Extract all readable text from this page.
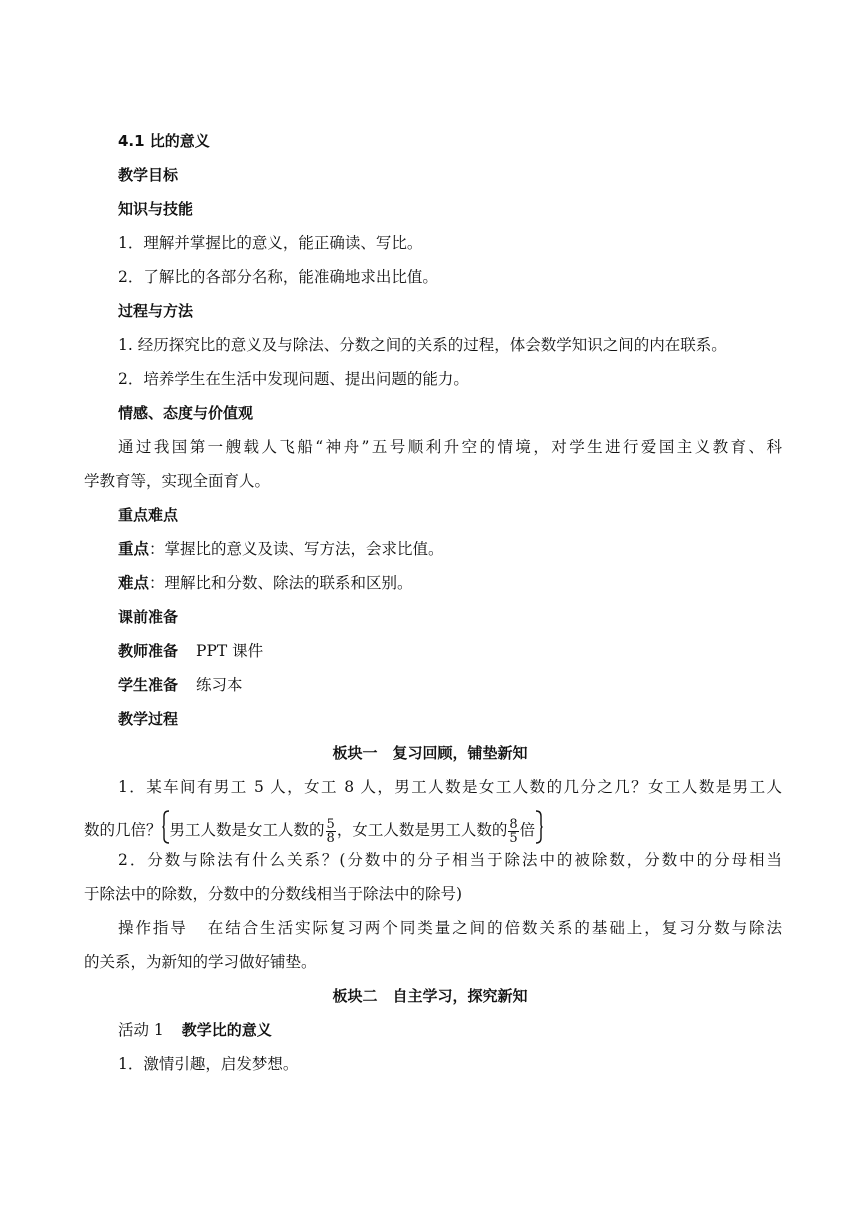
4.1 比的意义
教学目标
知识与技能
1．理解并掌握比的意义，能正确读、写比。
2．了解比的各部分名称，能准确地求出比值。
过程与方法
1. 经历探究比的意义及与除法、分数之间的关系的过程，体会数学知识之间的内在联系。
2．培养学生在生活中发现问题、提出问题的能力。
情感、态度与价值观
通过我国第一艘载人飞船“神舟”五号顺利升空的情境，对学生进行爱国主义教育、科
学教育等，实现全面育人。
重点难点
重点：掌握比的意义及读、写方法，会求比值。
难点：理解比和分数、除法的联系和区别。
课前准备
教师准备 PPT 课件
学生准备 练习本
教学过程
板块一　复习回顾，铺垫新知
1．某车间有男工 5 人，女工 8 人，男工人数是女工人数的几分之几？女工人数是男工人
数的几倍？ 男工人数是女工人数的 $\frac{5}{8}$ ，女工人数是男工人数的 $\frac{8}{5}$ 倍
2．分数与除法有什么关系？(分数中的分子相当于除法中的被除数，分数中的分母相当
于除法中的除数，分数中的分数线相当于除法中的除号)
操作指导 在结合生活实际复习两个同类量之间的倍数关系的基础上，复习分数与除法
的关系，为新知的学习做好铺垫。
板块二　自主学习，探究新知
活动 1 教学比的意义
1．激情引趣，启发梦想。
